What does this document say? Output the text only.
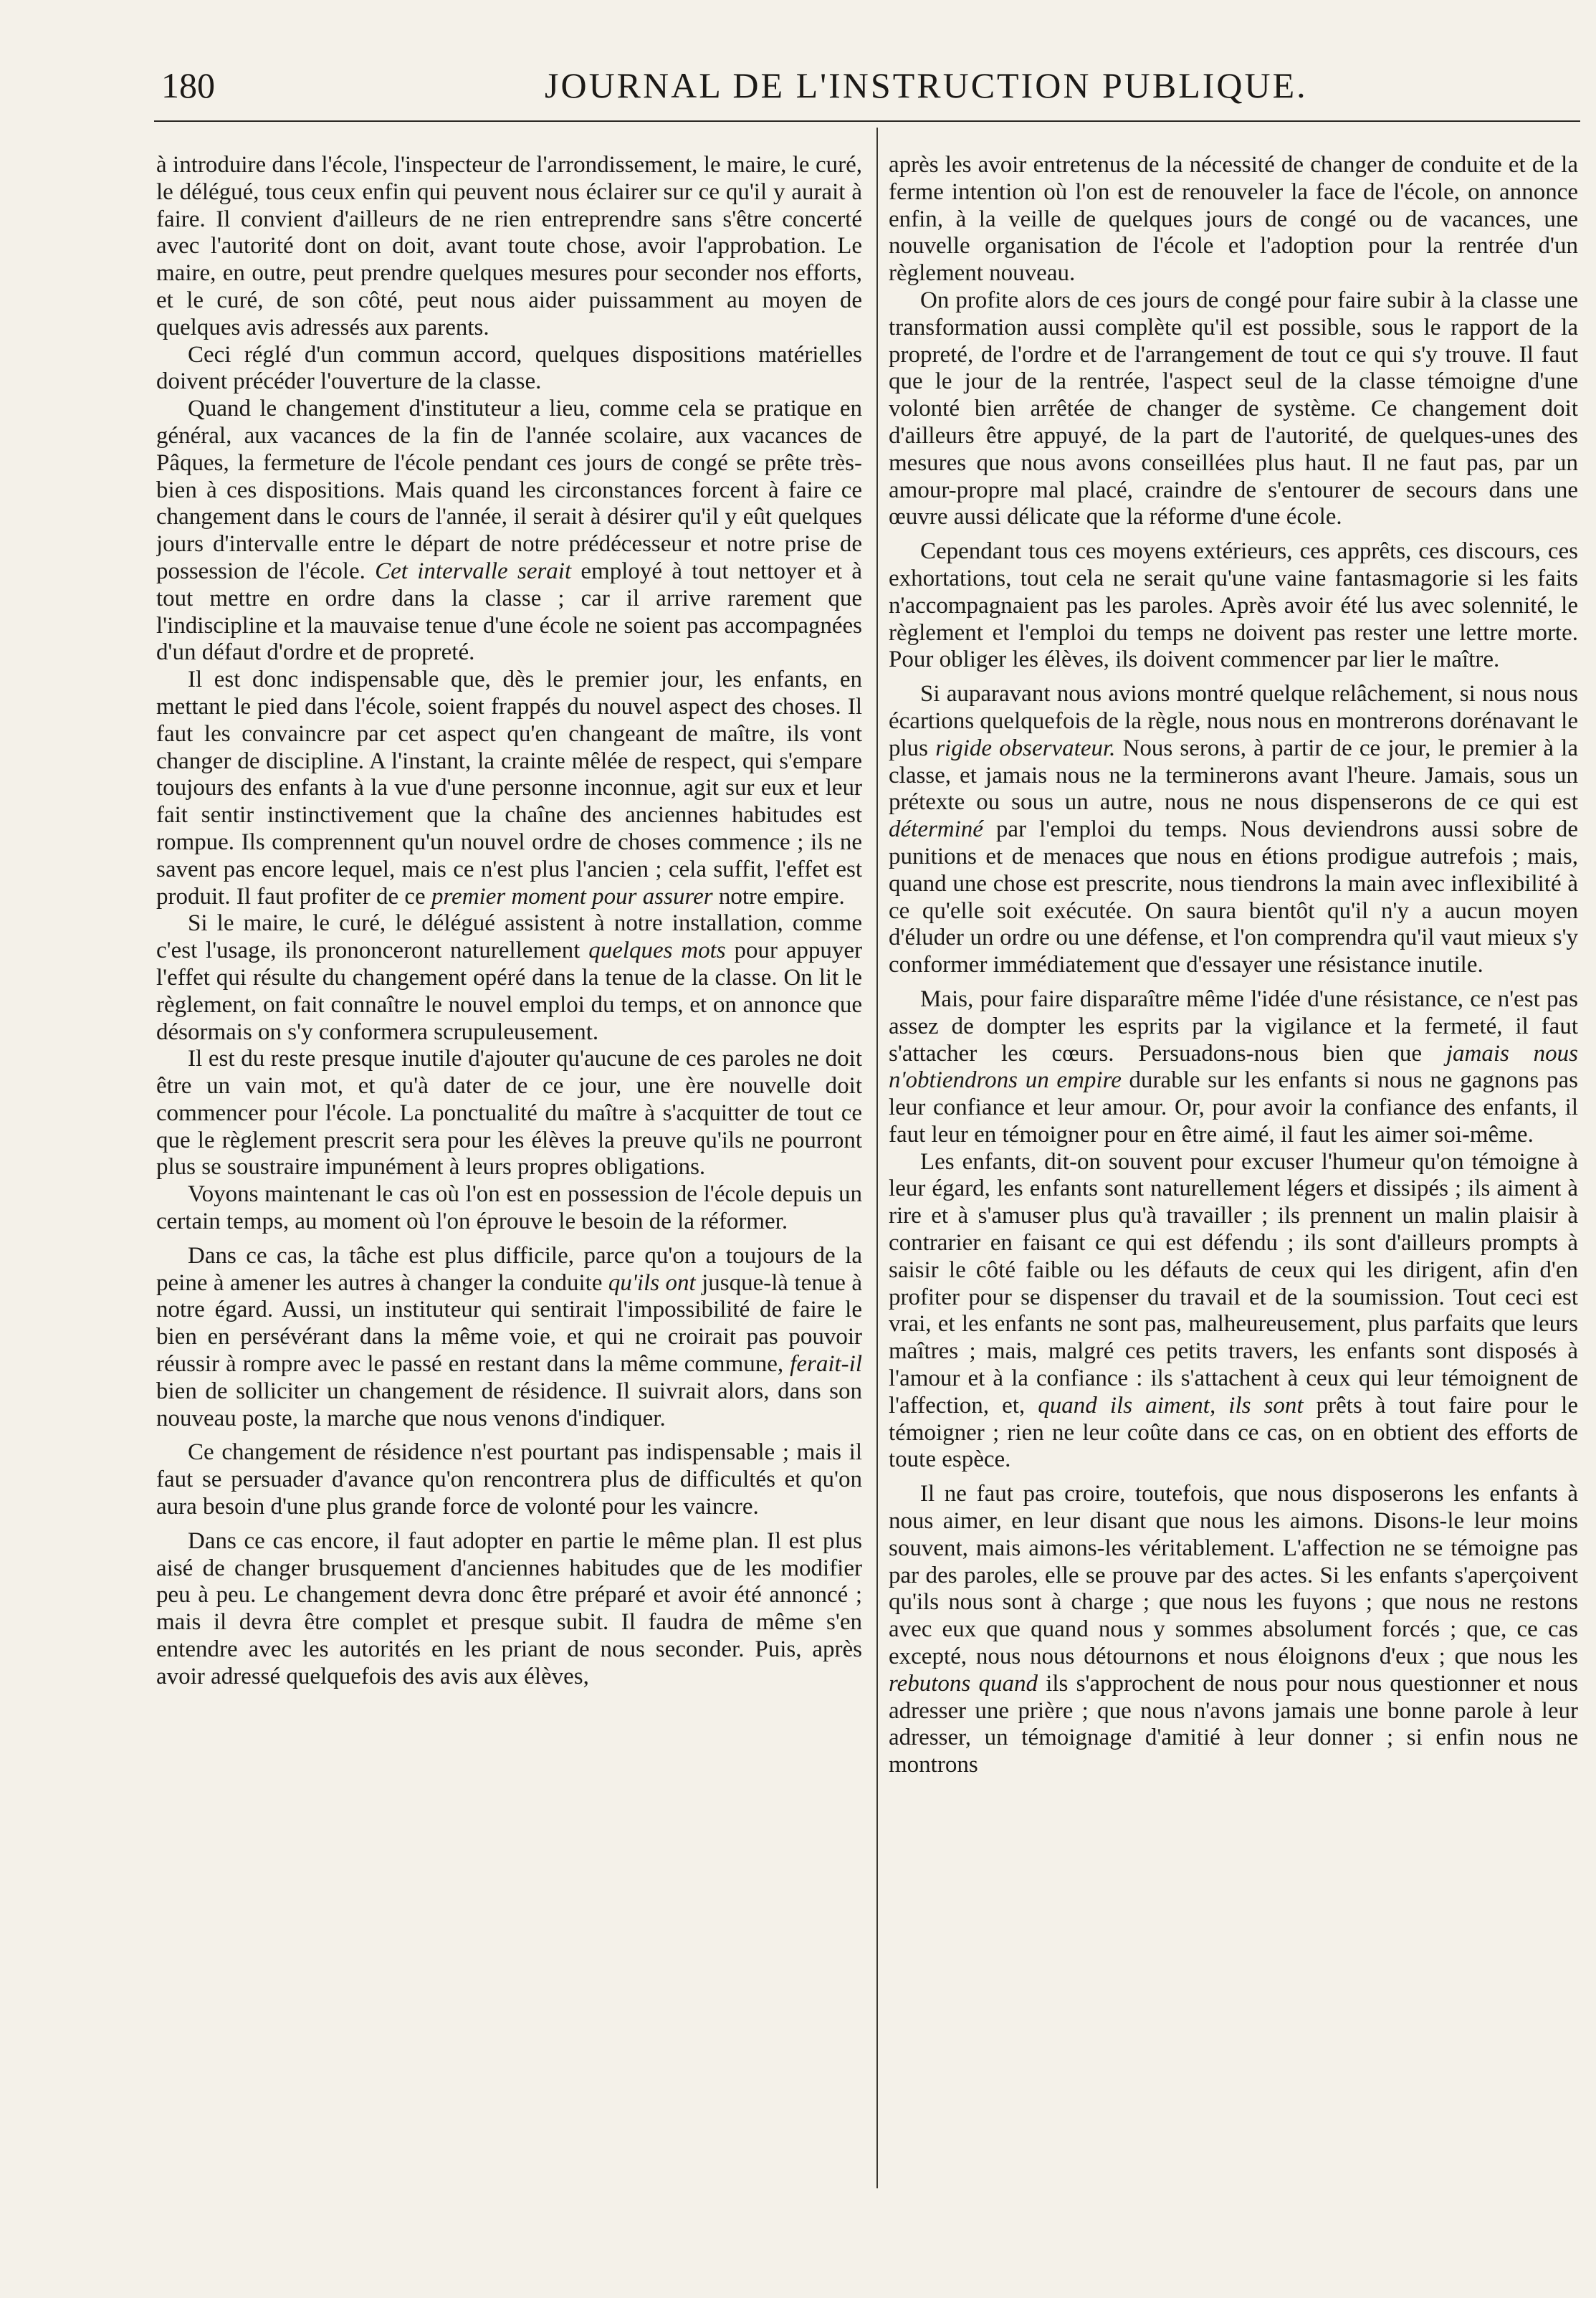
180	JOURNAL DE L'INSTRUCTION PUBLIQUE.

à introduire dans l'école, l'inspecteur de l'arrondissement, le maire, le curé, le délégué, tous ceux enfin qui peuvent nous éclairer sur ce qu'il y aurait à faire. Il convient d'ailleurs de ne rien entreprendre sans s'être concerté avec l'autorité dont on doit, avant toute chose, avoir l'approbation. Le maire, en outre, peut prendre quelques mesures pour seconder nos efforts, et le curé, de son côté, peut nous aider puissamment au moyen de quelques avis adressés aux parents.

Ceci réglé d'un commun accord, quelques dispositions matérielles doivent précéder l'ouverture de la classe.

Quand le changement d'instituteur a lieu, comme cela se pratique en général, aux vacances de la fin de l'année scolaire, aux vacances de Pâques, la fermeture de l'école pendant ces jours de congé se prête très-bien à ces dispositions. Mais quand les circonstances forcent à faire ce changement dans le cours de l'année, il serait à désirer qu'il y eût quelques jours d'intervalle entre le départ de notre prédécesseur et notre prise de possession de l'école. Cet intervalle serait employé à tout nettoyer et à tout mettre en ordre dans la classe ; car il arrive rarement que l'indiscipline et la mauvaise tenue d'une école ne soient pas accompagnées d'un défaut d'ordre et de propreté.

Il est donc indispensable que, dès le premier jour, les enfants, en mettant le pied dans l'école, soient frappés du nouvel aspect des choses. Il faut les convaincre par cet aspect qu'en changeant de maître, ils vont changer de discipline. A l'instant, la crainte mêlée de respect, qui s'empare toujours des enfants à la vue d'une personne inconnue, agit sur eux et leur fait sentir instinctivement que la chaîne des anciennes habitudes est rompue. Ils comprennent qu'un nouvel ordre de choses commence ; ils ne savent pas encore lequel, mais ce n'est plus l'ancien ; cela suffit, l'effet est produit. Il faut profiter de ce premier moment pour assurer notre empire.

Si le maire, le curé, le délégué assistent à notre installation, comme c'est l'usage, ils prononceront naturellement quelques mots pour appuyer l'effet qui résulte du changement opéré dans la tenue de la classe. On lit le règlement, on fait connaître le nouvel emploi du temps, et on annonce que désormais on s'y conformera scrupuleusement.

Il est du reste presque inutile d'ajouter qu'aucune de ces paroles ne doit être un vain mot, et qu'à dater de ce jour, une ère nouvelle doit commencer pour l'école. La ponctualité du maître à s'acquitter de tout ce que le règlement prescrit sera pour les élèves la preuve qu'ils ne pourront plus se soustraire impunément à leurs propres obligations.

Voyons maintenant le cas où l'on est en possession de l'école depuis un certain temps, au moment où l'on éprouve le besoin de la réformer.

Dans ce cas, la tâche est plus difficile, parce qu'on a toujours de la peine à amener les autres à changer la conduite qu'ils ont jusque-là tenue à notre égard. Aussi, un instituteur qui sentirait l'impossibilité de faire le bien en persévérant dans la même voie, et qui ne croirait pas pouvoir réussir à rompre avec le passé en restant dans la même commune, ferait-il bien de solliciter un changement de résidence. Il suivrait alors, dans son nouveau poste, la marche que nous venons d'indiquer.

Ce changement de résidence n'est pourtant pas indispensable ; mais il faut se persuader d'avance qu'on rencontrera plus de difficultés et qu'on aura besoin d'une plus grande force de volonté pour les vaincre.

Dans ce cas encore, il faut adopter en partie le même plan. Il est plus aisé de changer brusquement d'anciennes habitudes que de les modifier peu à peu. Le changement devra donc être préparé et avoir été annoncé ; mais il devra être complet et presque subit. Il faudra de même s'en entendre avec les autorités en les priant de nous seconder. Puis, après avoir adressé quelquefois des avis aux élèves,

après les avoir entretenus de la nécessité de changer de conduite et de la ferme intention où l'on est de renouveler la face de l'école, on annonce enfin, à la veille de quelques jours de congé ou de vacances, une nouvelle organisation de l'école et l'adoption pour la rentrée d'un règlement nouveau.

On profite alors de ces jours de congé pour faire subir à la classe une transformation aussi complète qu'il est possible, sous le rapport de la propreté, de l'ordre et de l'arrangement de tout ce qui s'y trouve. Il faut que le jour de la rentrée, l'aspect seul de la classe témoigne d'une volonté bien arrêtée de changer de système. Ce changement doit d'ailleurs être appuyé, de la part de l'autorité, de quelques-unes des mesures que nous avons conseillées plus haut. Il ne faut pas, par un amour-propre mal placé, craindre de s'entourer de secours dans une œuvre aussi délicate que la réforme d'une école.

Cependant tous ces moyens extérieurs, ces apprêts, ces discours, ces exhortations, tout cela ne serait qu'une vaine fantasmagorie si les faits n'accompagnaient pas les paroles. Après avoir été lus avec solennité, le règlement et l'emploi du temps ne doivent pas rester une lettre morte. Pour obliger les élèves, ils doivent commencer par lier le maître.

Si auparavant nous avions montré quelque relâchement, si nous nous écartions quelquefois de la règle, nous nous en montrerons dorénavant le plus rigide observateur. Nous serons, à partir de ce jour, le premier à la classe, et jamais nous ne la terminerons avant l'heure. Jamais, sous un prétexte ou sous un autre, nous ne nous dispenserons de ce qui est déterminé par l'emploi du temps. Nous deviendrons aussi sobre de punitions et de menaces que nous en étions prodigue autrefois ; mais, quand une chose est prescrite, nous tiendrons la main avec inflexibilité à ce qu'elle soit exécutée. On saura bientôt qu'il n'y a aucun moyen d'éluder un ordre ou une défense, et l'on comprendra qu'il vaut mieux s'y conformer immédiatement que d'essayer une résistance inutile.

Mais, pour faire disparaître même l'idée d'une résistance, ce n'est pas assez de dompter les esprits par la vigilance et la fermeté, il faut s'attacher les cœurs. Persuadons-nous bien que jamais nous n'obtiendrons un empire durable sur les enfants si nous ne gagnons pas leur confiance et leur amour. Or, pour avoir la confiance des enfants, il faut leur en témoigner pour en être aimé, il faut les aimer soi-même.

Les enfants, dit-on souvent pour excuser l'humeur qu'on témoigne à leur égard, les enfants sont naturellement légers et dissipés ; ils aiment à rire et à s'amuser plus qu'à travailler ; ils prennent un malin plaisir à contrarier en faisant ce qui est défendu ; ils sont d'ailleurs prompts à saisir le côté faible ou les défauts de ceux qui les dirigent, afin d'en profiter pour se dispenser du travail et de la soumission. Tout ceci est vrai, et les enfants ne sont pas, malheureusement, plus parfaits que leurs maîtres ; mais, malgré ces petits travers, les enfants sont disposés à l'amour et à la confiance : ils s'attachent à ceux qui leur témoignent de l'affection, et, quand ils aiment, ils sont prêts à tout faire pour le témoigner ; rien ne leur coûte dans ce cas, on en obtient des efforts de toute espèce.

Il ne faut pas croire, toutefois, que nous disposerons les enfants à nous aimer, en leur disant que nous les aimons. Disons-le leur moins souvent, mais aimons-les véritablement. L'affection ne se témoigne pas par des paroles, elle se prouve par des actes. Si les enfants s'aperçoivent qu'ils nous sont à charge ; que nous les fuyons ; que nous ne restons avec eux que quand nous y sommes absolument forcés ; que, ce cas excepté, nous nous détournons et nous éloignons d'eux ; que nous les rebutons quand ils s'approchent de nous pour nous questionner et nous adresser une prière ; que nous n'avons jamais une bonne parole à leur adresser, un témoignage d'amitié à leur donner ; si enfin nous ne montrons
